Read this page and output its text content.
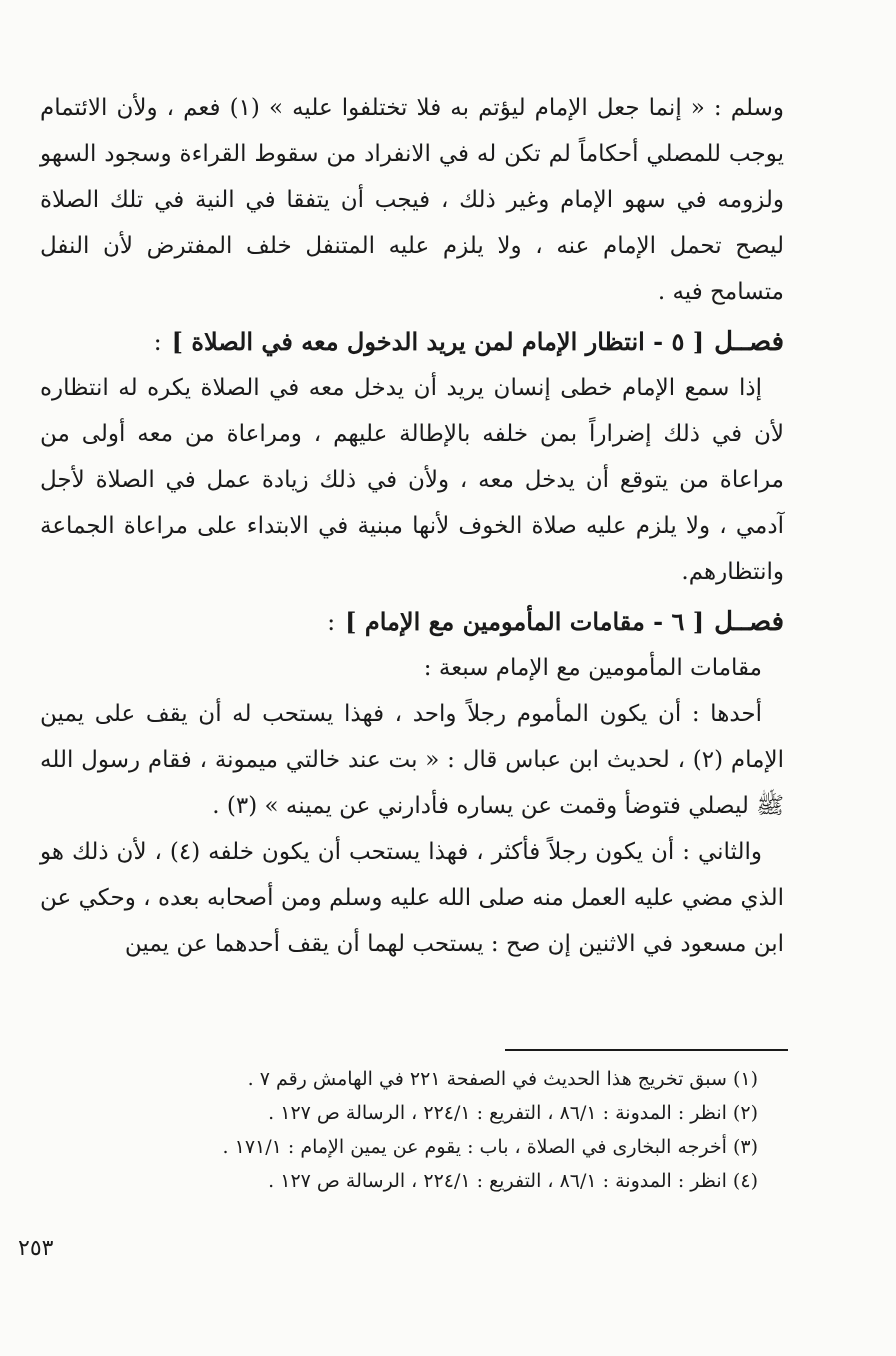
وسلم : « إنما جعل الإمام ليؤتم به فلا تختلفوا عليه » (١) فعم ، ولأن الائتمام يوجب للمصلي أحكاماً لم تكن له في الانفراد من سقوط القراءة وسجود السهو ولزومه في سهو الإمام وغير ذلك ، فيجب أن يتفقا في النية في تلك الصلاة ليصح تحمل الإمام عنه ، ولا يلزم عليه المتنفل خلف المفترض لأن النفل متسامح فيه .

فصــل[ ٥ - انتظار الإمام لمن يريد الدخول معه في الصلاة ]:

إذا سمع الإمام خطى إنسان يريد أن يدخل معه في الصلاة يكره له انتظاره لأن في ذلك إضراراً بمن خلفه بالإطالة عليهم ، ومراعاة من معه أولى من مراعاة من يتوقع أن يدخل معه ، ولأن في ذلك زيادة عمل في الصلاة لأجل آدمي ، ولا يلزم عليه صلاة الخوف لأنها مبنية في الابتداء على مراعاة الجماعة وانتظارهم.

فصــل[ ٦ - مقامات المأمومين مع الإمام ]:

مقامات المأمومين مع الإمام سبعة :

أحدها : أن يكون المأموم رجلاً واحد ، فهذا يستحب له أن يقف على يمين الإمام (٢) ، لحديث ابن عباس قال : « بت عند خالتي ميمونة ، فقام رسول الله ﷺ ليصلي فتوضأ وقمت عن يساره فأدارني عن يمينه » (٣) .

والثاني : أن يكون رجلاً فأكثر ، فهذا يستحب أن يكون خلفه (٤) ، لأن ذلك هو الذي مضي عليه العمل منه صلى الله عليه وسلم ومن أصحابه بعده ، وحكي عن ابن مسعود في الاثنين إن صح : يستحب لهما أن يقف أحدهما عن يمين

(١) سبق تخريج هذا الحديث في الصفحة ٢٢١ في الهامش رقم ٧ .

(٢) انظر : المدونة : ٨٦/١ ، التفريع : ٢٢٤/١ ، الرسالة ص ١٢٧ .

(٣) أخرجه البخارى في الصلاة ، باب : يقوم عن يمين الإمام : ١٧١/١ .

(٤) انظر : المدونة : ٨٦/١ ، التفريع : ٢٢٤/١ ، الرسالة ص ١٢٧ .

٢٥٣
